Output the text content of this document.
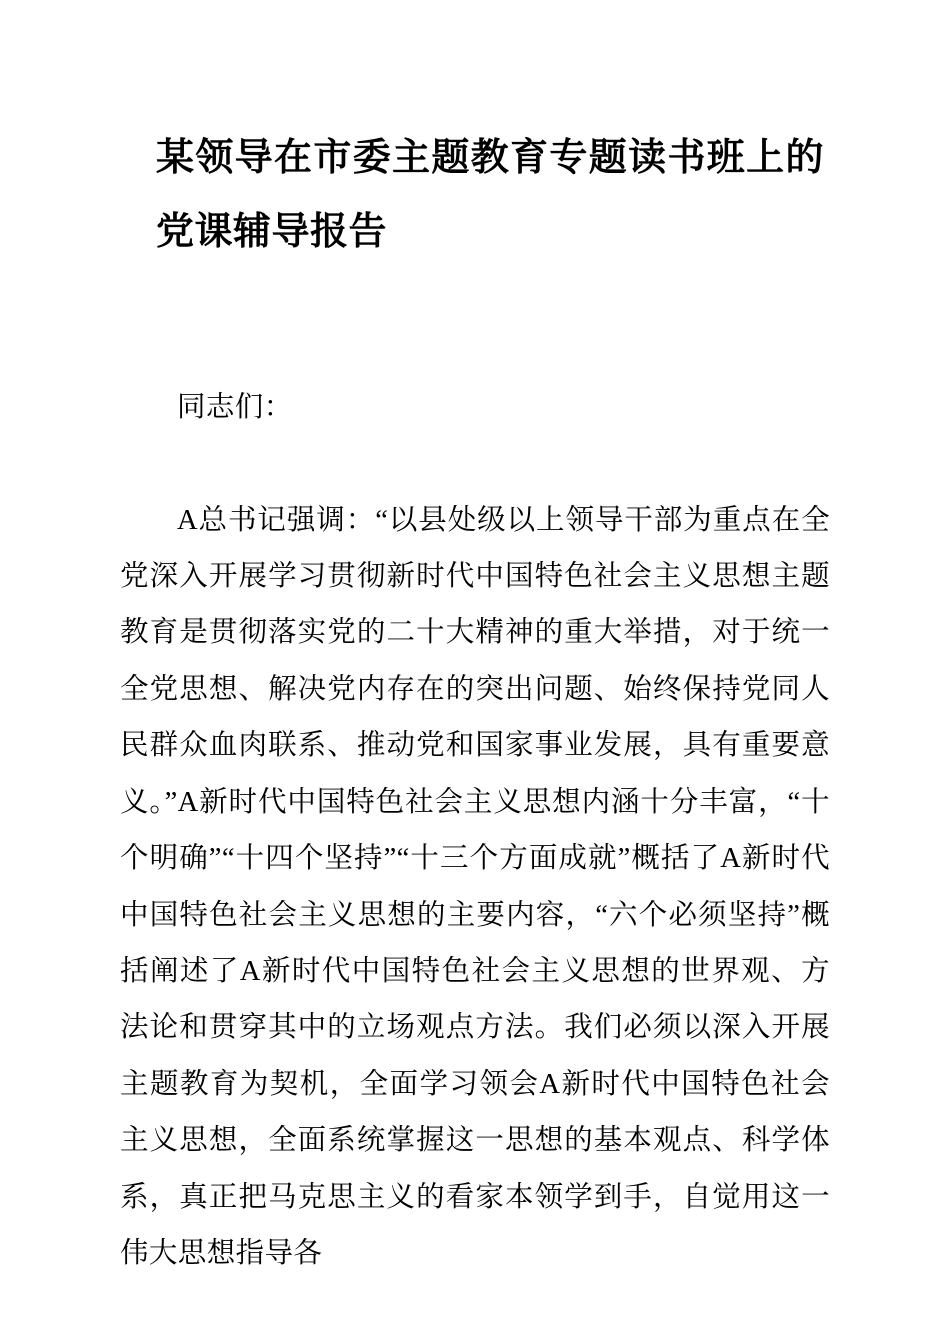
某领导在市委主题教育专题读书班上的党课辅导报告

同志们：

A总书记强调：“以县处级以上领导干部为重点在全党深入开展学习贯彻新时代中国特色社会主义思想主题教育是贯彻落实党的二十大精神的重大举措，对于统一全党思想、解决党内存在的突出问题、始终保持党同人民群众血肉联系、推动党和国家事业发展，具有重要意义。”A新时代中国特色社会主义思想内涵十分丰富，“十个明确”“十四个坚持”“十三个方面成就”概括了A新时代中国特色社会主义思想的主要内容，“六个必须坚持”概括阐述了A新时代中国特色社会主义思想的世界观、方法论和贯穿其中的立场观点方法。我们必须以深入开展主题教育为契机，全面学习领会A新时代中国特色社会主义思想，全面系统掌握这一思想的基本观点、科学体系，真正把马克思主义的看家本领学到手，自觉用这一伟大思想指导各
